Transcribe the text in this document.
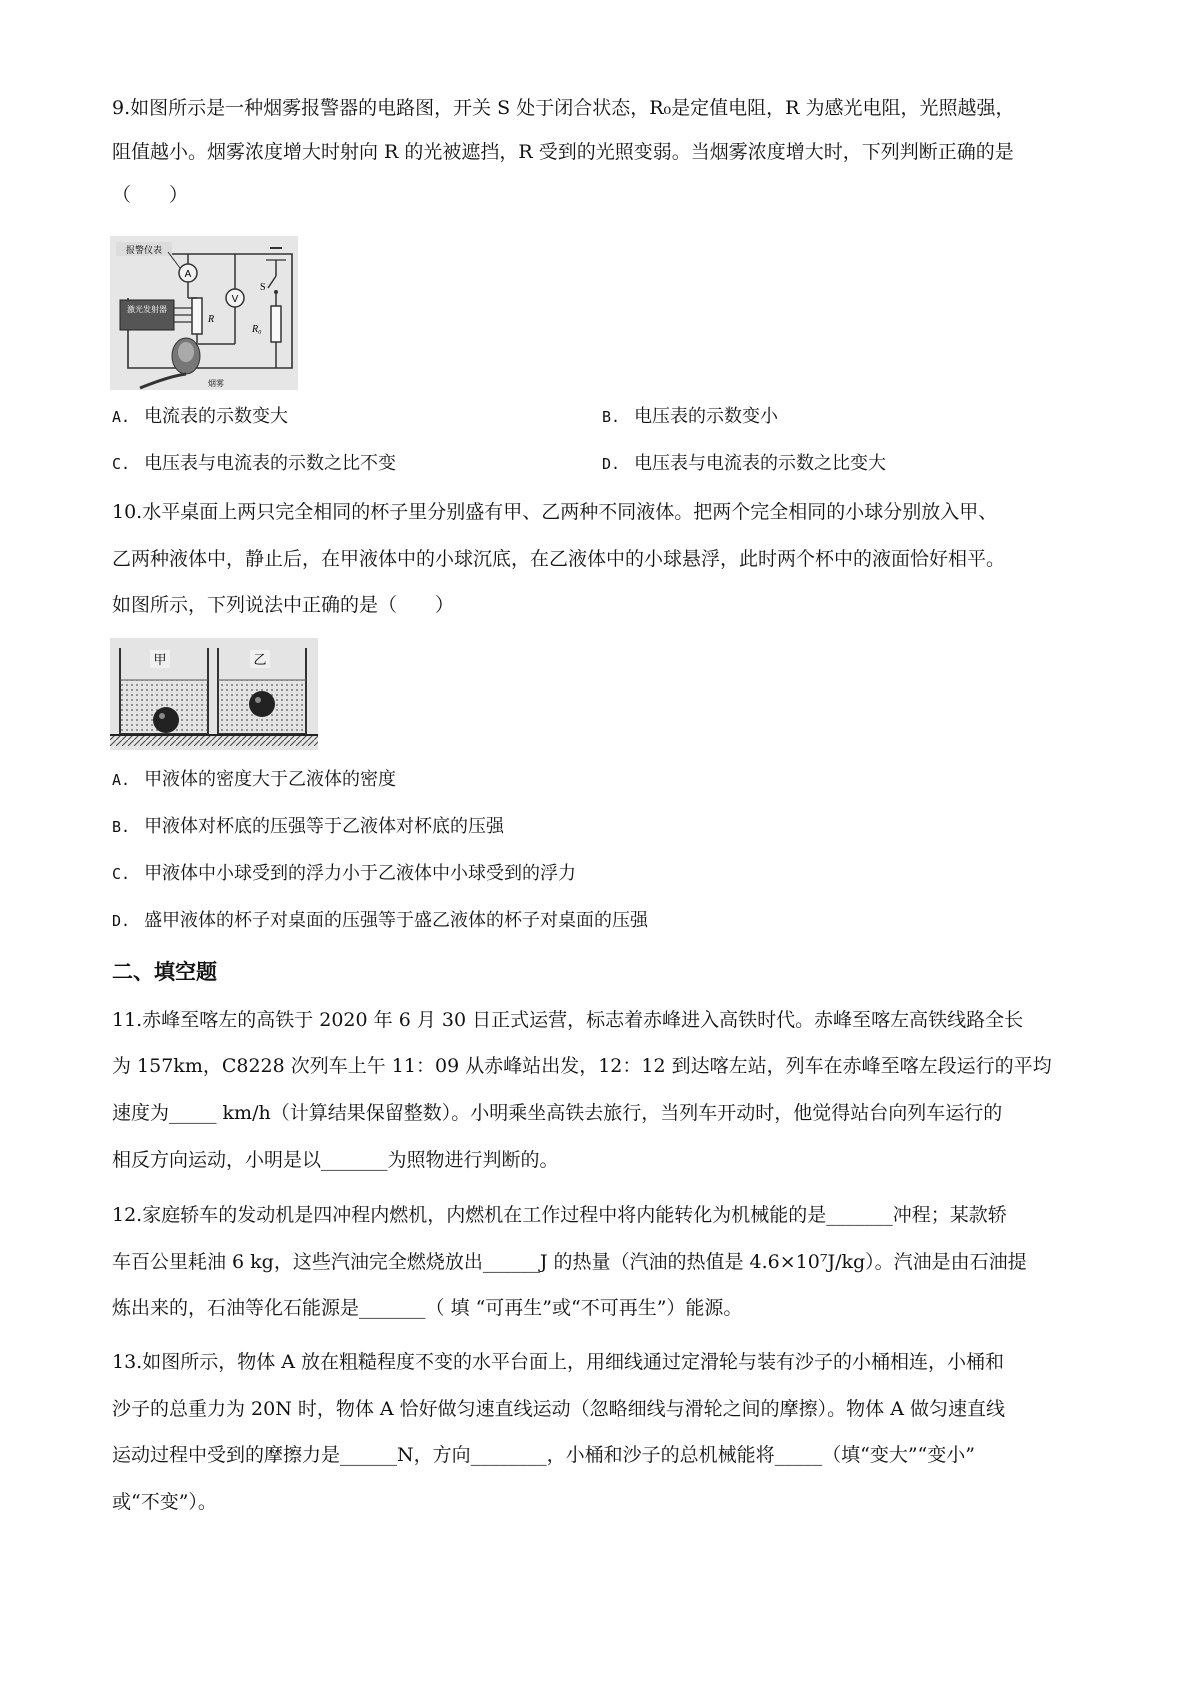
9.如图所示是一种烟雾报警器的电路图，开关 S 处于闭合状态，R₀是定值电阻，R 为感光电阻，光照越强，
阻值越小。烟雾浓度增大时射向 R 的光被遮挡，R 受到的光照变弱。当烟雾浓度增大时，下列判断正确的是
（　　）
A
报警仪表
V
R
激光发射器
S
R₀
烟雾
A. 电流表的示数变大	B. 电压表的示数变小
C. 电压表与电流表的示数之比不变	D. 电压表与电流表的示数之比变大
10.水平桌面上两只完全相同的杯子里分别盛有甲、乙两种不同液体。把两个完全相同的小球分别放入甲、
乙两种液体中，静止后，在甲液体中的小球沉底，在乙液体中的小球悬浮，此时两个杯中的液面恰好相平。
如图所示，下列说法中正确的是（　　）
甲	乙
A. 甲液体的密度大于乙液体的密度
B. 甲液体对杯底的压强等于乙液体对杯底的压强
C. 甲液体中小球受到的浮力小于乙液体中小球受到的浮力
D. 盛甲液体的杯子对桌面的压强等于盛乙液体的杯子对桌面的压强
二、填空题
11.赤峰至喀左的高铁于 2020 年 6 月 30 日正式运营，标志着赤峰进入高铁时代。赤峰至喀左高铁线路全长
为 157km，C8228 次列车上午 11：09 从赤峰站出发，12：12 到达喀左站，列车在赤峰至喀左段运行的平均
速度为_____ km/h（计算结果保留整数）。小明乘坐高铁去旅行，当列车开动时，他觉得站台向列车运行的
相反方向运动，小明是以_______为照物进行判断的。
12.家庭轿车的发动机是四冲程内燃机，内燃机在工作过程中将内能转化为机械能的是_______冲程；某款轿
车百公里耗油 6 kg，这些汽油完全燃烧放出______J 的热量（汽油的热值是 4.6×10⁷J/kg）。汽油是由石油提
炼出来的，石油等化石能源是_______（ 填 “可再生”或“不可再生”）能源。
13.如图所示，物体 A 放在粗糙程度不变的水平台面上，用细线通过定滑轮与装有沙子的小桶相连，小桶和
沙子的总重力为 20N 时，物体 A 恰好做匀速直线运动（忽略细线与滑轮之间的摩擦）。物体 A 做匀速直线
运动过程中受到的摩擦力是______N，方向________，小桶和沙子的总机械能将_____（填“变大”“变小”
或“不变”）。
